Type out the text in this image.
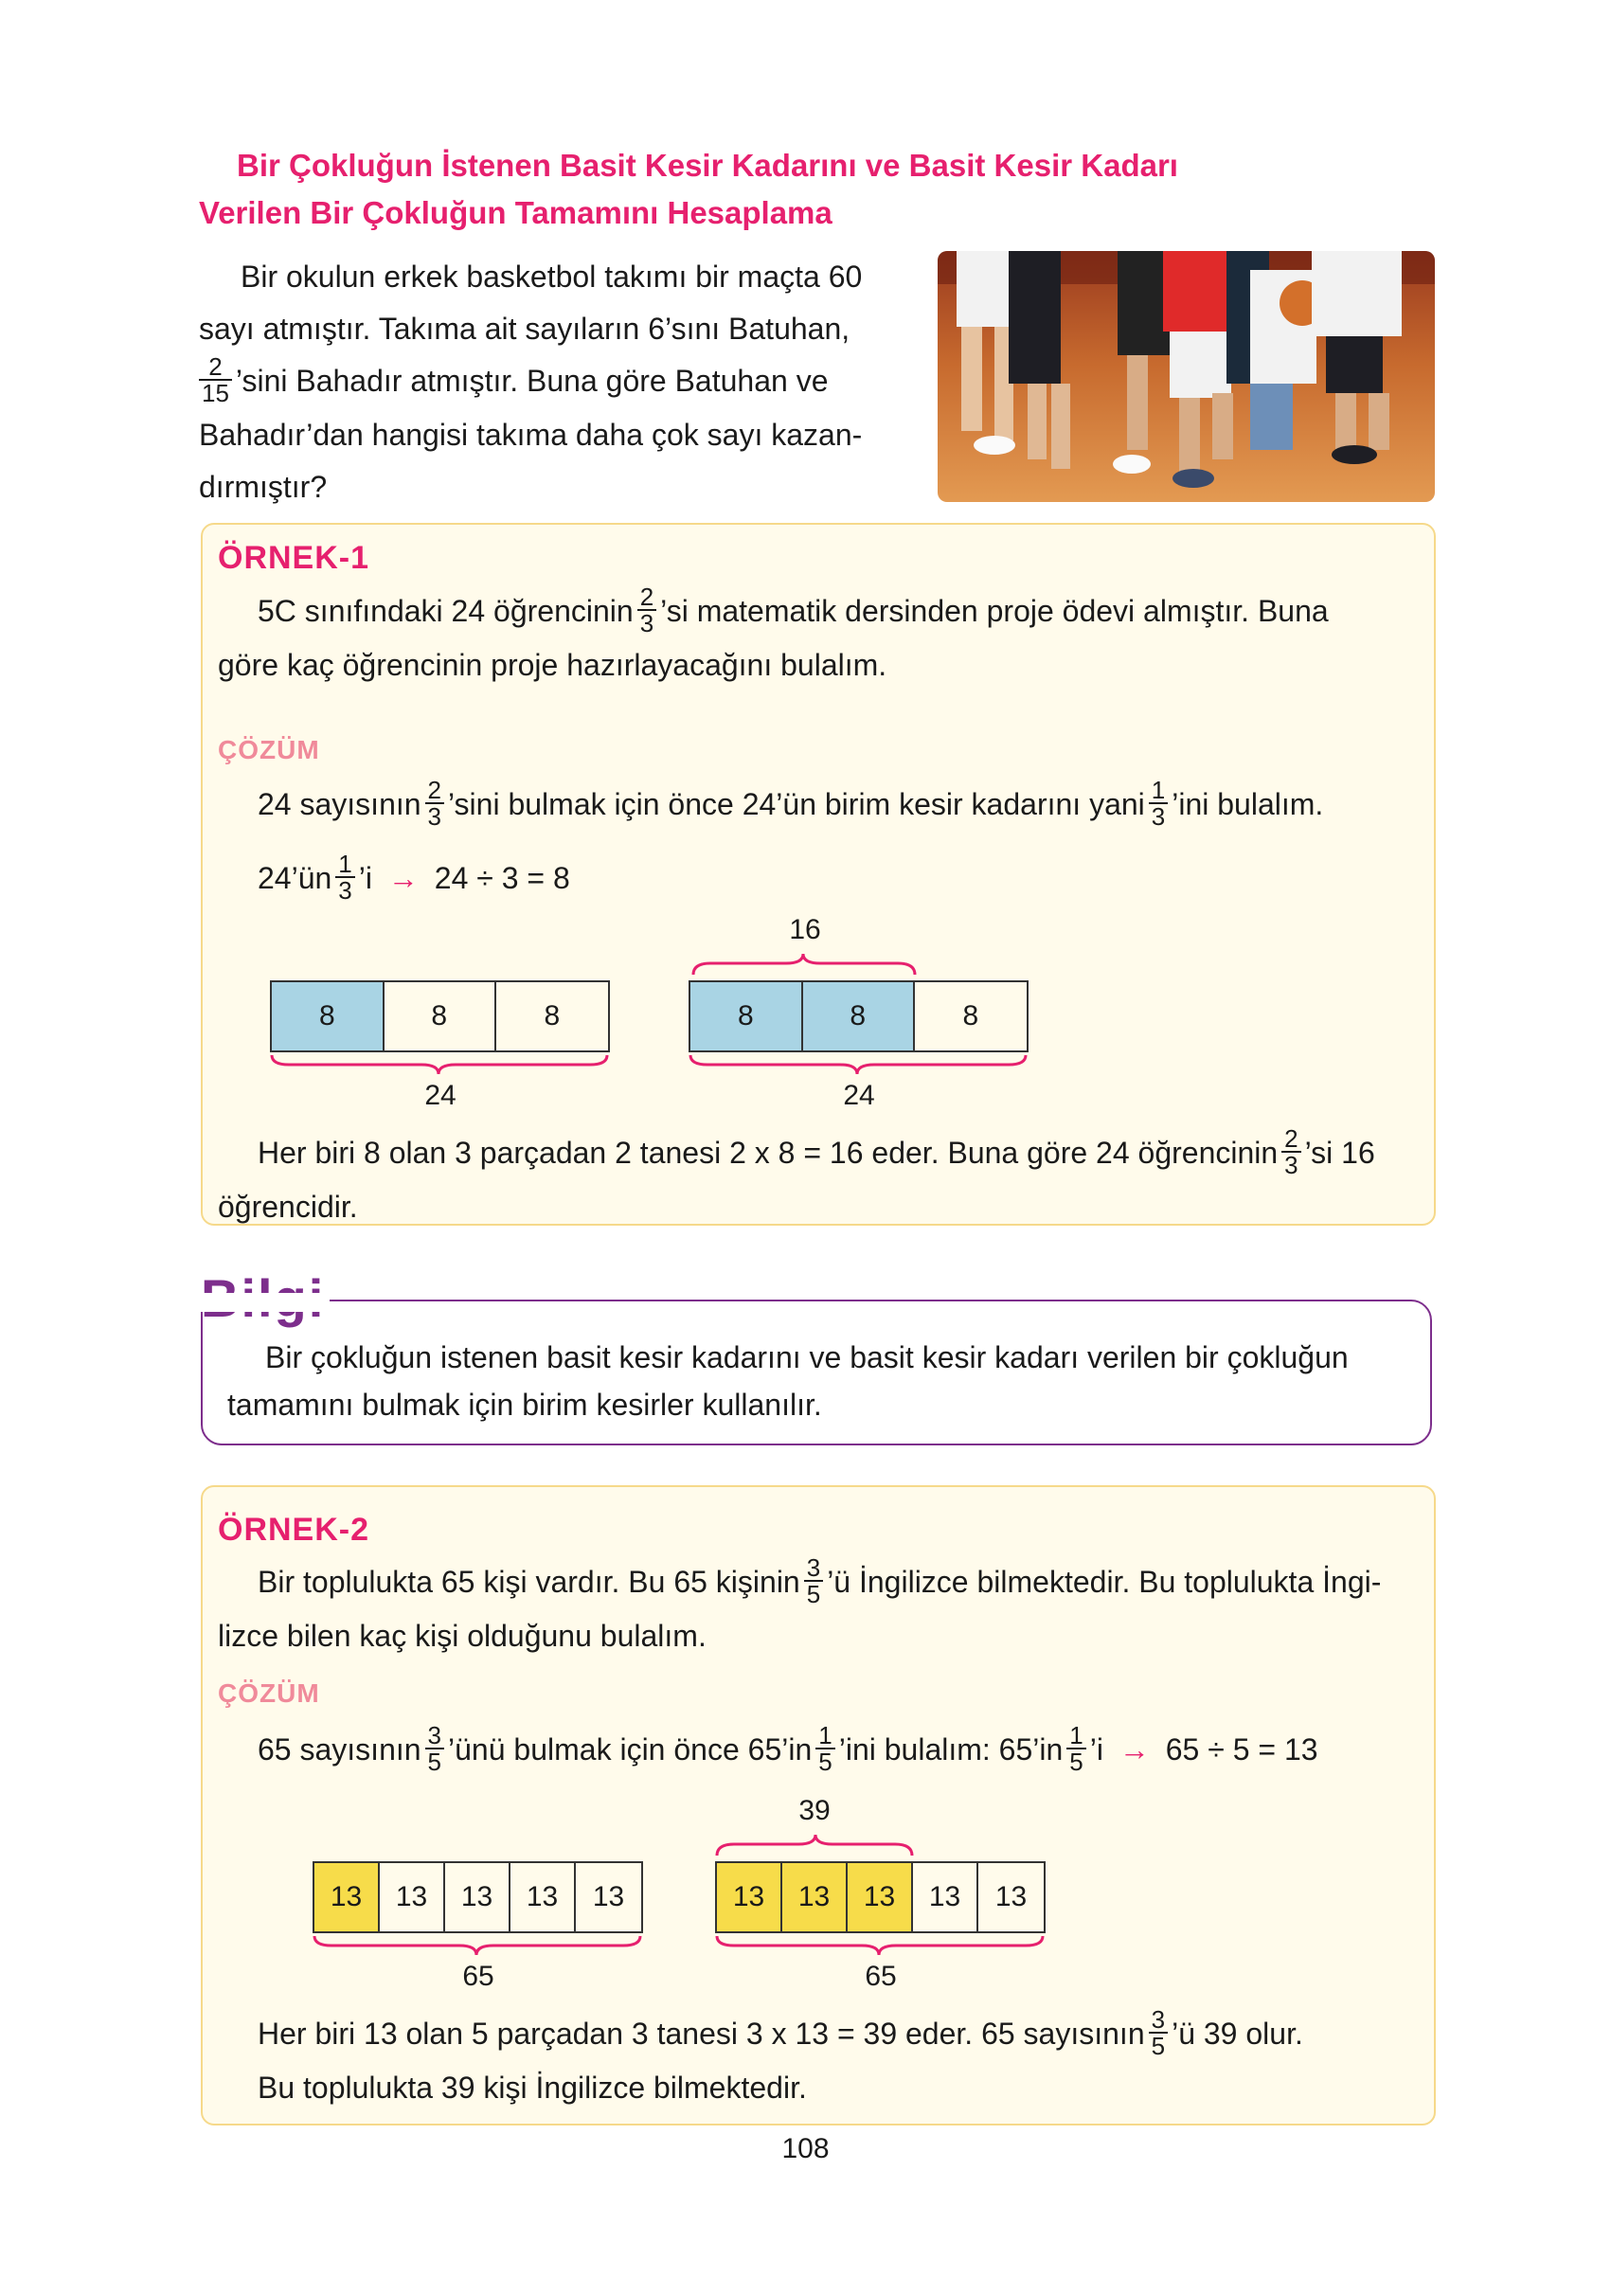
Bir Çokluğun İstenen Basit Kesir Kadarını ve Basit Kesir Kadarı
Verilen Bir Çokluğun Tamamını Hesaplama
Bir okulun erkek basketbol takımı bir maçta 60
sayı atmıştır. Takıma ait sayıların 6’sını Batuhan,
$\frac{2}{15}$ ’sini Bahadır atmıştır. Buna göre Batuhan ve
Bahadır’dan hangisi takıma daha çok sayı kazan-
dırmıştır?
ÖRNEK-1
5C sınıfındaki 24 öğrencinin $\frac{2}{3}$ ’si matematik dersinden proje ödevi almıştır. Buna
göre kaç öğrencinin proje hazırlayacağını bulalım.
ÇÖZÜM
24 sayısının $\frac{2}{3}$ ’sini bulmak için önce 24’ün birim kesir kadarını yani $\frac{1}{3}$ ’ini bulalım.
24’ün $\frac{1}{3}$ ’i → 24 ÷ 3 = 8
8	8	8
24
16
8	8	8
24
Her biri 8 olan 3 parçadan 2 tanesi 2 x 8 = 16 eder. Buna göre 24 öğrencinin $\frac{2}{3}$ ’si 16
öğrencidir.
Bir çokluğun istenen basit kesir kadarını ve basit kesir kadarı verilen bir çokluğun
tamamını bulmak için birim kesirler kullanılır.
ÖRNEK-2
Bir toplulukta 65 kişi vardır. Bu 65 kişinin $\frac{3}{5}$ ’ü İngilizce bilmektedir. Bu toplulukta İngi-
lizce bilen kaç kişi olduğunu bulalım.
ÇÖZÜM
65 sayısının $\frac{3}{5}$ ’ünü bulmak için önce 65’in $\frac{1}{5}$ ’ini bulalım: 65’in $\frac{1}{5}$ ’i → 65 ÷ 5 = 13
13	13	13	13	13
65
39
13	13	13	13	13
65
Her biri 13 olan 5 parçadan 3 tanesi 3 x 13 = 39 eder. 65 sayısının $\frac{3}{5}$ ’ü 39 olur.
Bu toplulukta 39 kişi İngilizce bilmektedir.
108
